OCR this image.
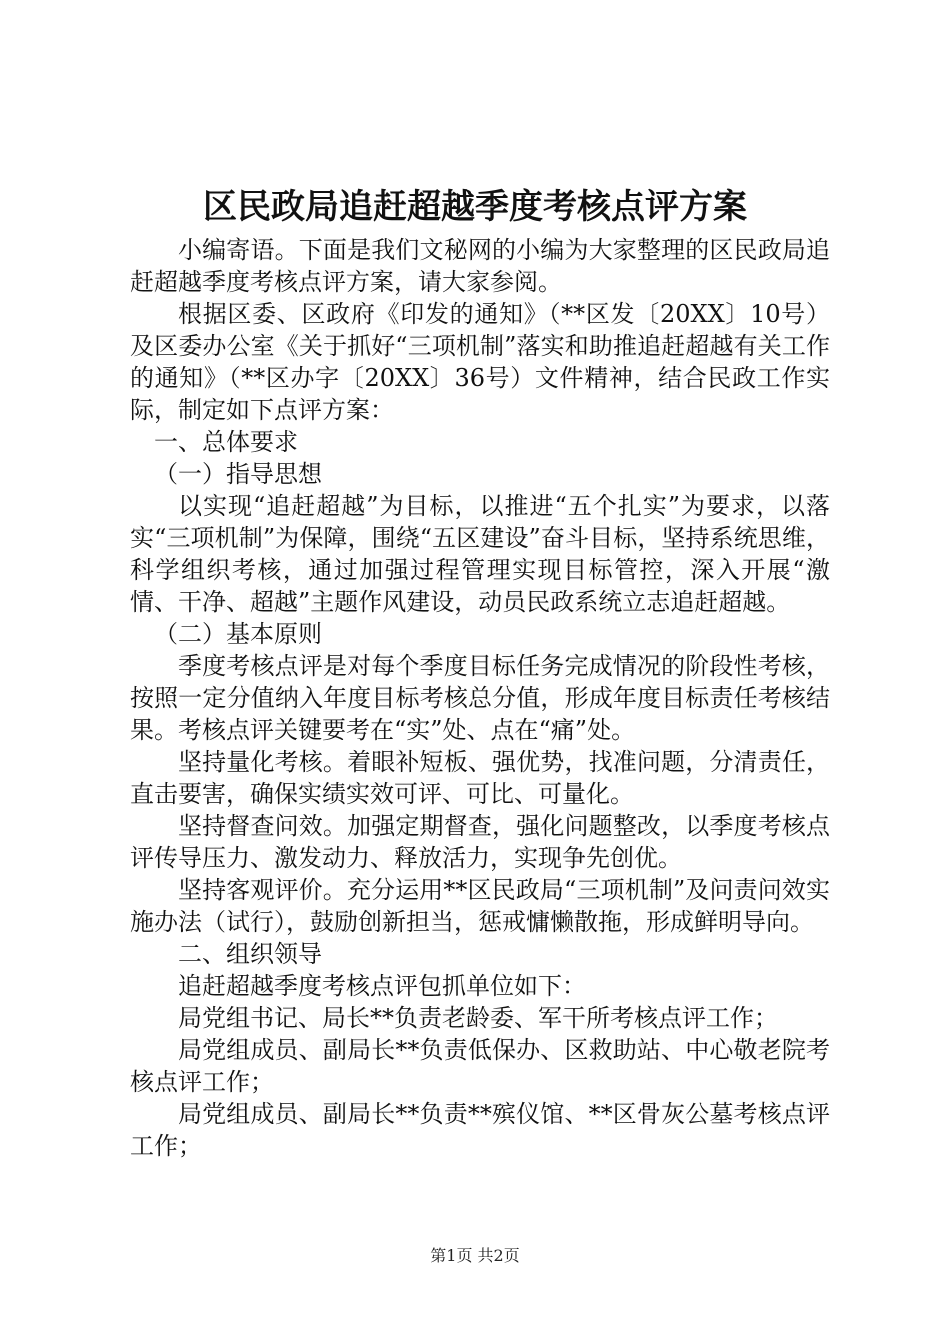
区民政局追赶超越季度考核点评方案

小编寄语。下面是我们文秘网的小编为大家整理的区民政局追赶超越季度考核点评方案，请大家参阅。

根据区委、区政府《印发的通知》（**区发〔20XX〕10号）及区委办公室《关于抓好“三项机制”落实和助推追赶超越有关工作的通知》（**区办字〔20XX〕36号）文件精神，结合民政工作实际，制定如下点评方案：

一、总体要求

（一）指导思想

以实现“追赶超越”为目标，以推进“五个扎实”为要求，以落实“三项机制”为保障，围绕“五区建设”奋斗目标，坚持系统思维，科学组织考核，通过加强过程管理实现目标管控，深入开展“激情、干净、超越”主题作风建设，动员民政系统立志追赶超越。

（二）基本原则

季度考核点评是对每个季度目标任务完成情况的阶段性考核，按照一定分值纳入年度目标考核总分值，形成年度目标责任考核结果。考核点评关键要考在“实”处、点在“痛”处。

坚持量化考核。着眼补短板、强优势，找准问题，分清责任，直击要害，确保实绩实效可评、可比、可量化。

坚持督查问效。加强定期督查，强化问题整改，以季度考核点评传导压力、激发动力、释放活力，实现争先创优。

坚持客观评价。充分运用**区民政局“三项机制”及问责问效实施办法（试行），鼓励创新担当，惩戒慵懒散拖，形成鲜明导向。

二、组织领导

追赶超越季度考核点评包抓单位如下：

局党组书记、局长**负责老龄委、军干所考核点评工作；

局党组成员、副局长**负责低保办、区救助站、中心敬老院考核点评工作；

局党组成员、副局长**负责**殡仪馆、**区骨灰公墓考核点评工作；

第1页 共2页
